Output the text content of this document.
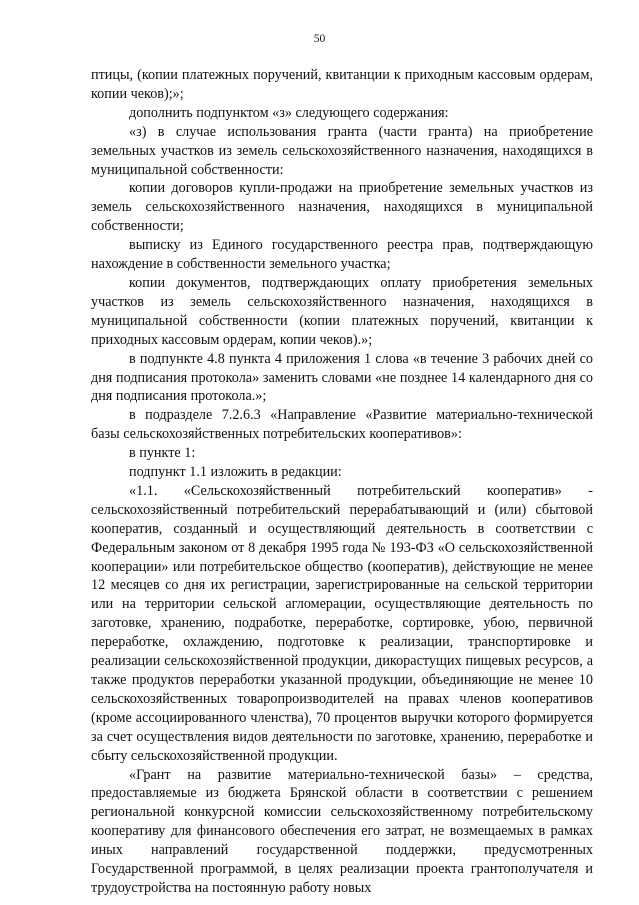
50

птицы, (копии платежных поручений, квитанции к приходным кассовым ордерам, копии чеков);»;

дополнить подпунктом «з» следующего содержания:

«з) в случае использования гранта (части гранта) на приобретение земельных участков из земель сельскохозяйственного назначения, находящихся в муниципальной собственности:

копии договоров купли-продажи на приобретение земельных участков из земель сельскохозяйственного назначения, находящихся в муниципальной собственности;

выписку из Единого государственного реестра прав, подтверждающую нахождение в собственности земельного участка;

копии документов, подтверждающих оплату приобретения земельных участков из земель сельскохозяйственного назначения, находящихся в муниципальной собственности (копии платежных поручений, квитанции к приходных кассовым ордерам, копии чеков).»;

в подпункте 4.8 пункта 4 приложения 1 слова «в течение 3 рабочих дней со дня подписания протокола» заменить словами «не позднее 14 календарного дня со дня подписания протокола.»;

в подразделе 7.2.6.3 «Направление «Развитие материально-технической базы сельскохозяйственных потребительских кооперативов»:

в пункте 1:

подпункт 1.1 изложить в редакции:

«1.1. «Сельскохозяйственный потребительский кооператив» - сельскохозяйственный потребительский перерабатывающий и (или) сбытовой кооператив, созданный и осуществляющий деятельность в соответствии с Федеральным законом от 8 декабря 1995 года № 193-ФЗ «О сельскохозяйственной кооперации» или потребительское общество (кооператив), действующие не менее 12 месяцев со дня их регистрации, зарегистрированные на сельской территории или на территории сельской агломерации, осуществляющие деятельность по заготовке, хранению, подработке, переработке, сортировке, убою, первичной переработке, охлаждению, подготовке к реализации, транспортировке и реализации сельскохозяйственной продукции, дикорастущих пищевых ресурсов, а также продуктов переработки указанной продукции, объединяющие не менее 10 сельскохозяйственных товаропроизводителей на правах членов кооперативов (кроме ассоциированного членства), 70 процентов выручки которого формируется за счет осуществления видов деятельности по заготовке, хранению, переработке и сбыту сельскохозяйственной продукции.

«Грант на развитие материально-технической базы» – средства, предоставляемые из бюджета Брянской области в соответствии с решением региональной конкурсной комиссии сельскохозяйственному потребительскому кооперативу для финансового обеспечения его затрат, не возмещаемых в рамках иных направлений государственной поддержки, предусмотренных Государственной программой, в целях реализации проекта грантополучателя и трудоустройства на постоянную работу новых
